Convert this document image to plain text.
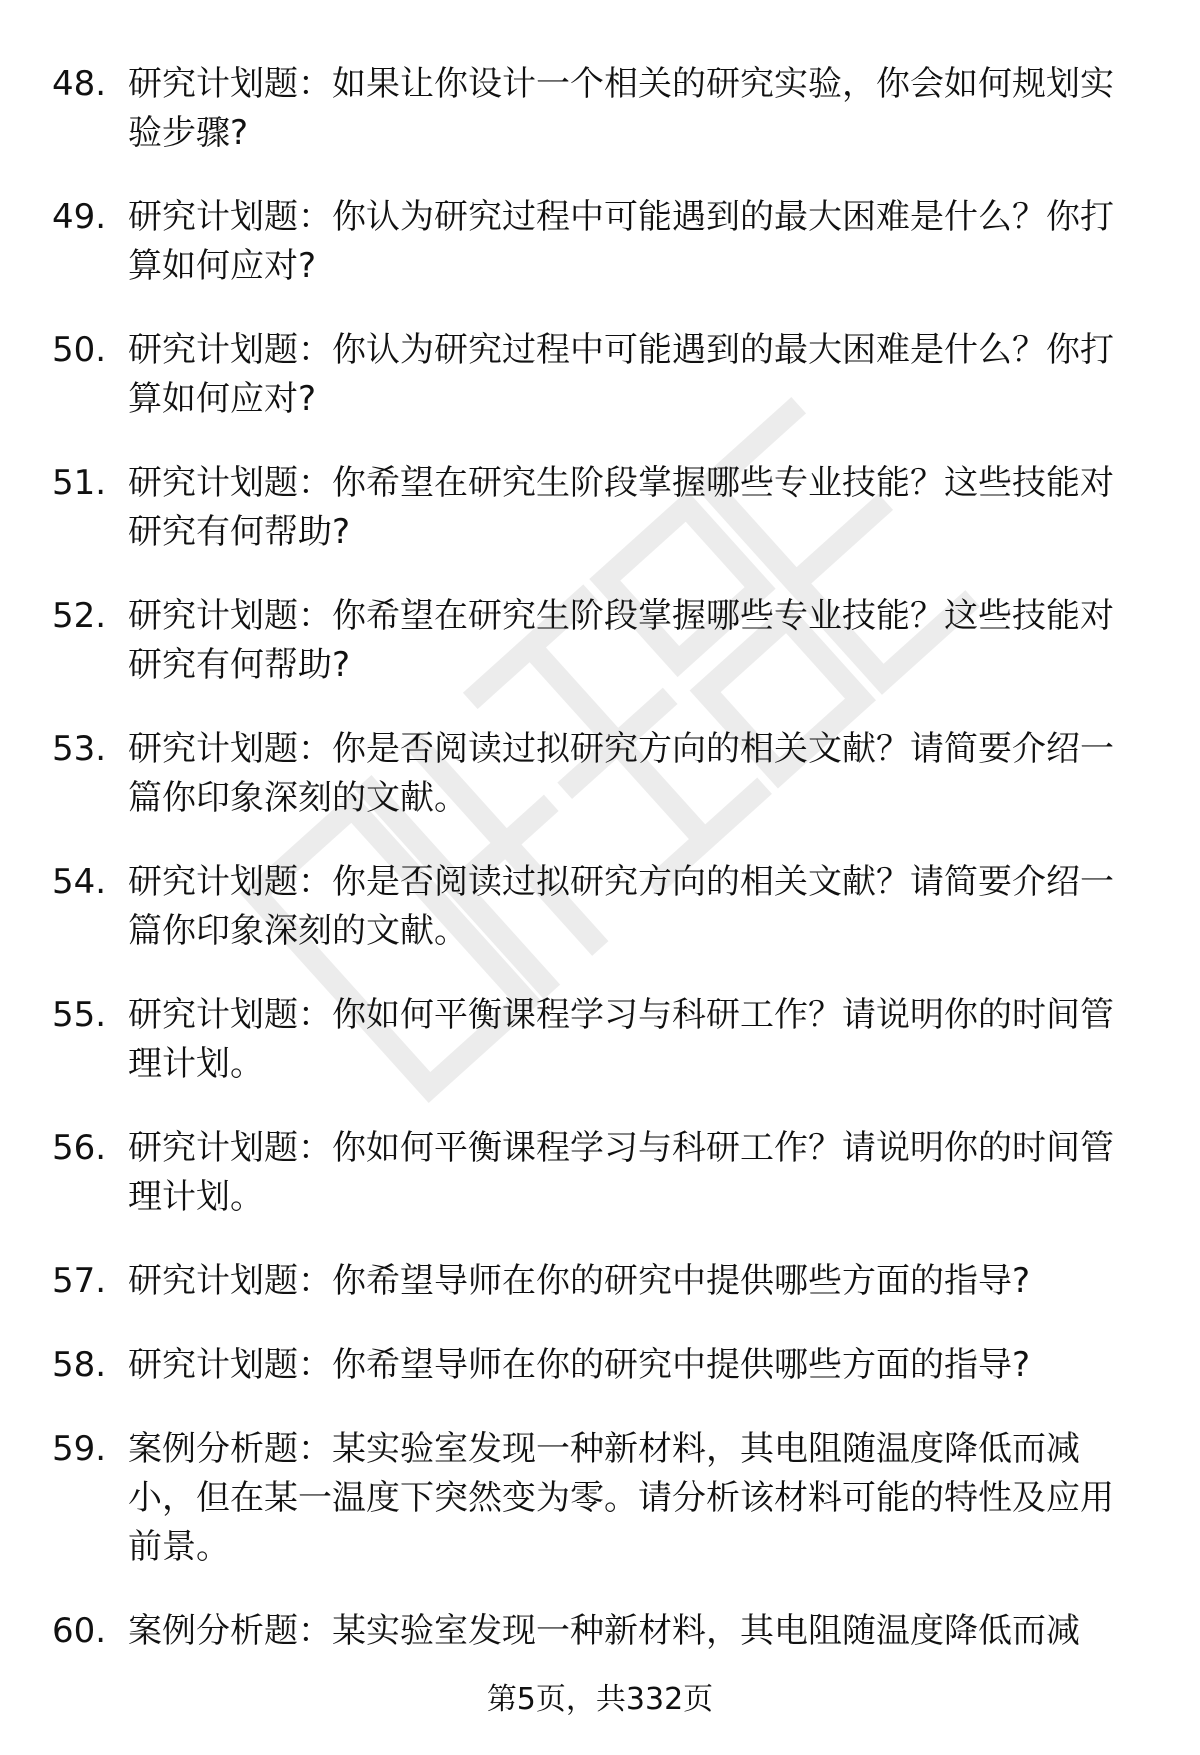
48. 研究计划题：如果让你设计一个相关的研究实验，你会如何规划实验步骤?
49. 研究计划题：你认为研究过程中可能遇到的最大困难是什么？你打算如何应对?
50. 研究计划题：你认为研究过程中可能遇到的最大困难是什么？你打算如何应对?
51. 研究计划题：你希望在研究生阶段掌握哪些专业技能？这些技能对研究有何帮助?
52. 研究计划题：你希望在研究生阶段掌握哪些专业技能？这些技能对研究有何帮助?
53. 研究计划题：你是否阅读过拟研究方向的相关文献？请简要介绍一篇你印象深刻的文献。
54. 研究计划题：你是否阅读过拟研究方向的相关文献？请简要介绍一篇你印象深刻的文献。
55. 研究计划题：你如何平衡课程学习与科研工作？请说明你的时间管理计划。
56. 研究计划题：你如何平衡课程学习与科研工作？请说明你的时间管理计划。
57. 研究计划题：你希望导师在你的研究中提供哪些方面的指导?
58. 研究计划题：你希望导师在你的研究中提供哪些方面的指导?
59. 案例分析题：某实验室发现一种新材料，其电阻随温度降低而减小，但在某一温度下突然变为零。请分析该材料可能的特性及应用前景。
60. 案例分析题：某实验室发现一种新材料，其电阻随温度降低而减
第5页，共332页
